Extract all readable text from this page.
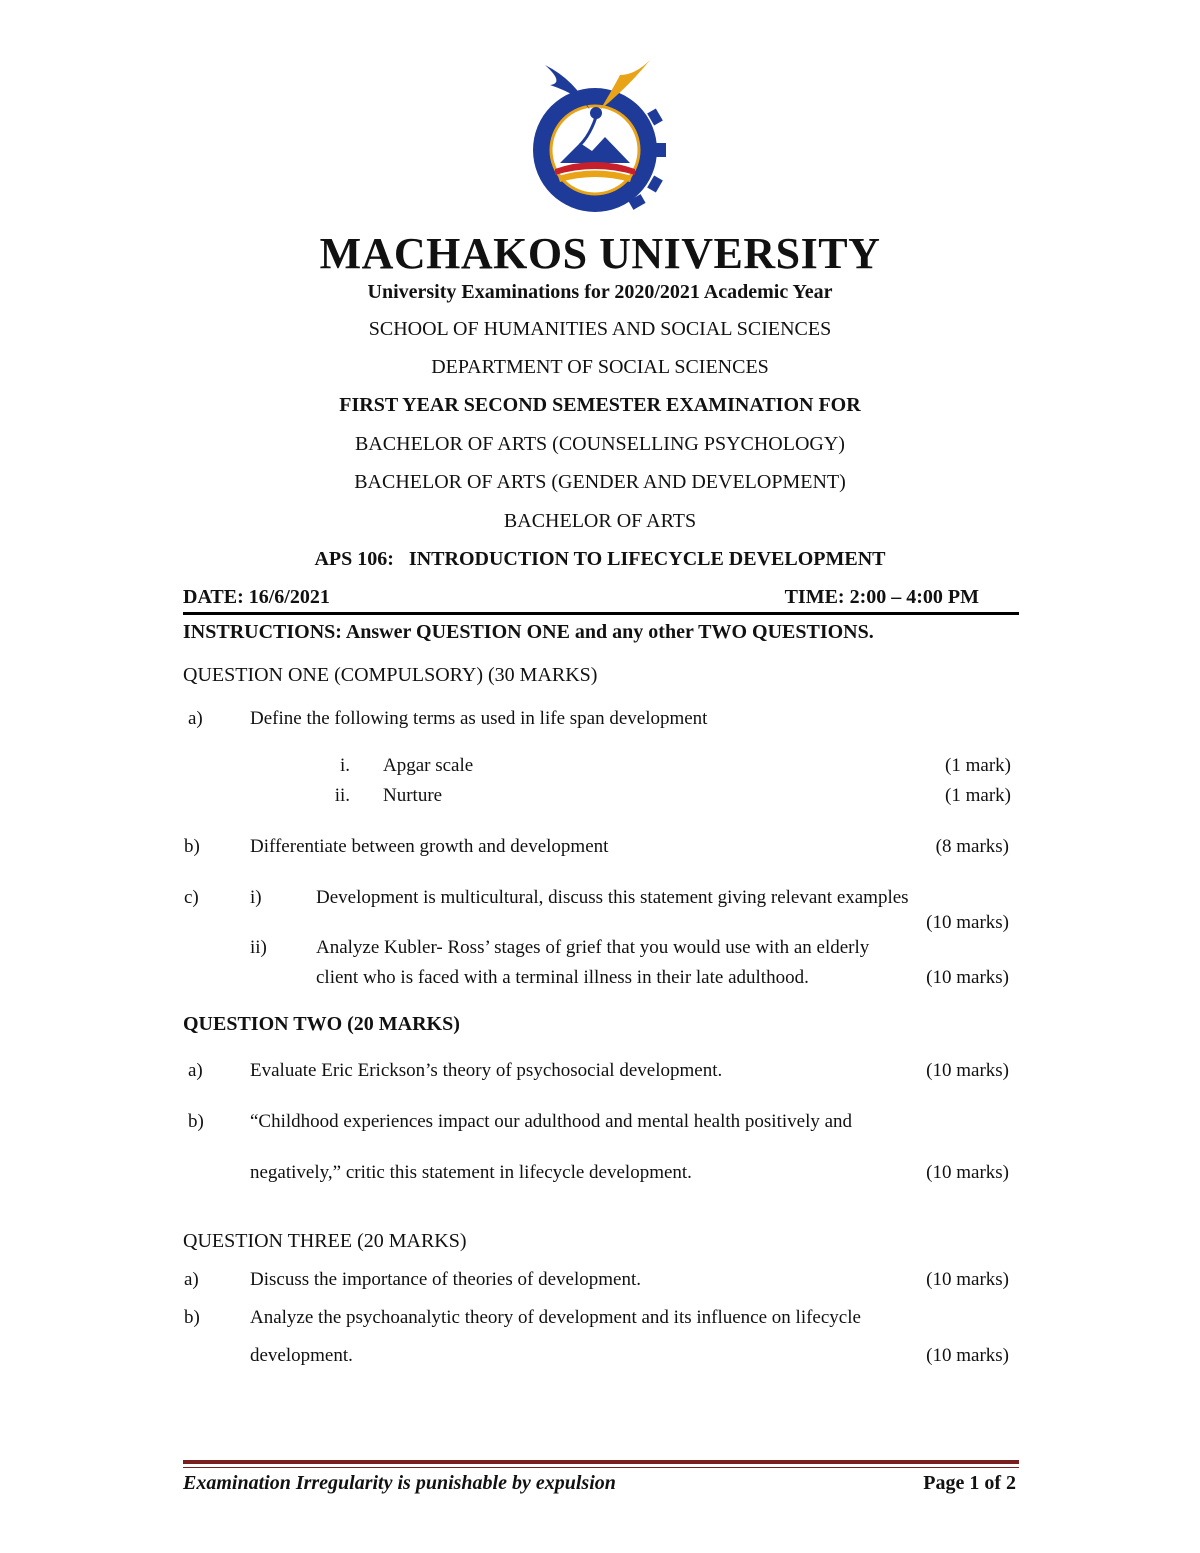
MACHAKOS UNIVERSITY
University Examinations for 2020/2021 Academic Year
SCHOOL OF HUMANITIES AND SOCIAL SCIENCES
DEPARTMENT OF SOCIAL SCIENCES
FIRST YEAR SECOND SEMESTER EXAMINATION FOR
BACHELOR OF ARTS (COUNSELLING PSYCHOLOGY)
BACHELOR OF ARTS (GENDER AND DEVELOPMENT)
BACHELOR OF ARTS
APS 106:   INTRODUCTION TO LIFECYCLE DEVELOPMENT
DATE: 16/6/2021	TIME: 2:00 – 4:00 PM
INSTRUCTIONS: Answer QUESTION ONE and any other TWO QUESTIONS.
QUESTION ONE (COMPULSORY) (30 MARKS)
a) Define the following terms as used in life span development
i. Apgar scale	(1 mark)
ii. Nurture	(1 mark)
b)	Differentiate between growth and development	(8 marks)
c)	i)	Development is multicultural, discuss this statement giving relevant examples
(10 marks)
ii)	Analyze Kubler- Ross’ stages of grief that you would use with an elderly
client who is faced with a terminal illness in their late adulthood.	(10 marks)
QUESTION TWO (20 MARKS)
a) Evaluate Eric Erickson’s theory of psychosocial development.	(10 marks)
b) “Childhood experiences impact our adulthood and mental health positively and
negatively,” critic this statement in lifecycle development.	(10 marks)
QUESTION THREE (20 MARKS)
a)	Discuss the importance of theories of development.	(10 marks)
b)	Analyze the psychoanalytic theory of development and its influence on lifecycle
development.	(10 marks)
Examination Irregularity is punishable by expulsion	Page 1 of 2
